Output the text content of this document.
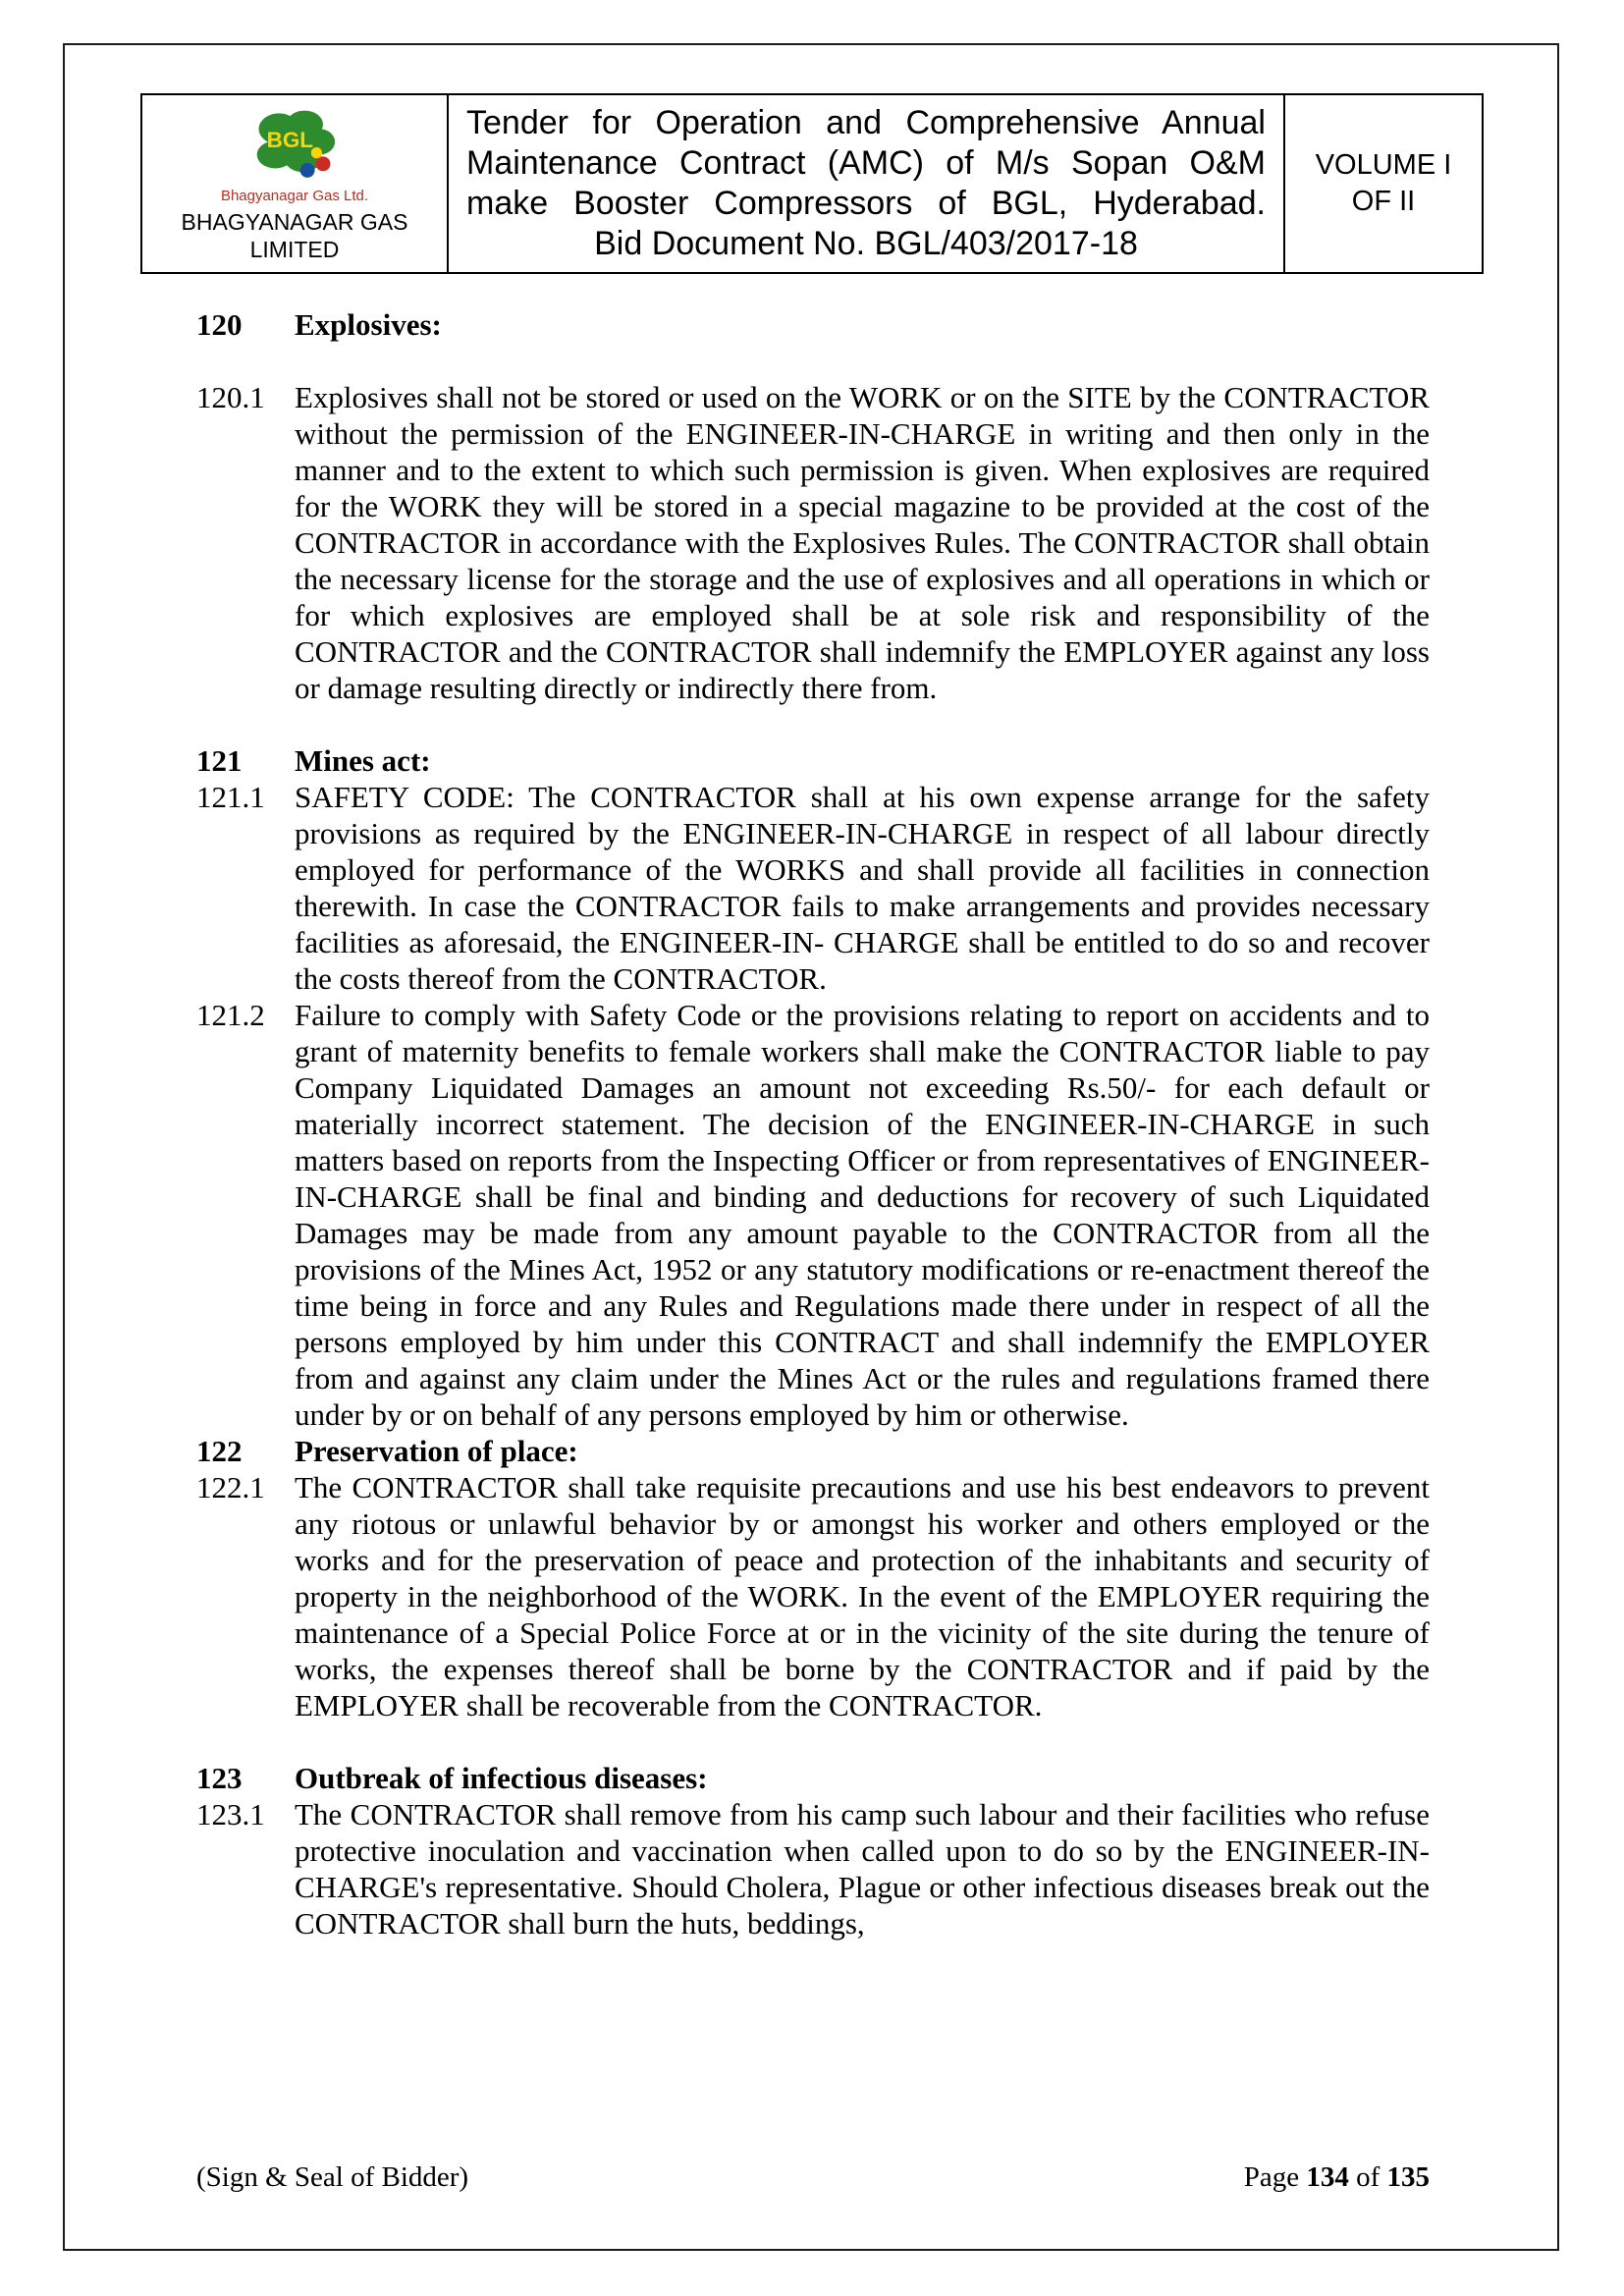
BGL
Bhagyanagar Gas Ltd.
BHAGYANAGAR GAS
LIMITED

Tender for Operation and Comprehensive Annual Maintenance Contract (AMC) of M/s Sopan O&M make Booster Compressors of BGL, Hyderabad.
Bid Document No. BGL/403/2017-18

VOLUME I
OF II
120 Explosives:
120.1 Explosives shall not be stored or used on the WORK or on the SITE by the CONTRACTOR without the permission of the ENGINEER-IN-CHARGE in writing and then only in the manner and to the extent to which such permission is given. When explosives are required for the WORK they will be stored in a special magazine to be provided at the cost of the CONTRACTOR in accordance with the Explosives Rules. The CONTRACTOR shall obtain the necessary license for the storage and the use of explosives and all operations in which or for which explosives are employed shall be at sole risk and responsibility of the CONTRACTOR and the CONTRACTOR shall indemnify the EMPLOYER against any loss or damage resulting directly or indirectly there from.
121 Mines act:
121.1 SAFETY CODE: The CONTRACTOR shall at his own expense arrange for the safety provisions as required by the ENGINEER-IN-CHARGE in respect of all labour directly employed for performance of the WORKS and shall provide all facilities in connection therewith. In case the CONTRACTOR fails to make arrangements and provides necessary facilities as aforesaid, the ENGINEER-IN- CHARGE shall be entitled to do so and recover the costs thereof from the CONTRACTOR.
121.2 Failure to comply with Safety Code or the provisions relating to report on accidents and to grant of maternity benefits to female workers shall make the CONTRACTOR liable to pay Company Liquidated Damages an amount not exceeding Rs.50/- for each default or materially incorrect statement. The decision of the ENGINEER-IN-CHARGE in such matters based on reports from the Inspecting Officer or from representatives of ENGINEER-IN-CHARGE shall be final and binding and deductions for recovery of such Liquidated Damages may be made from any amount payable to the CONTRACTOR from all the provisions of the Mines Act, 1952 or any statutory modifications or re-enactment thereof the time being in force and any Rules and Regulations made there under in respect of all the persons employed by him under this CONTRACT and shall indemnify the EMPLOYER from and against any claim under the Mines Act or the rules and regulations framed there under by or on behalf of any persons employed by him or otherwise.
122 Preservation of place:
122.1 The CONTRACTOR shall take requisite precautions and use his best endeavors to prevent any riotous or unlawful behavior by or amongst his worker and others employed or the works and for the preservation of peace and protection of the inhabitants and security of property in the neighborhood of the WORK. In the event of the EMPLOYER requiring the maintenance of a Special Police Force at or in the vicinity of the site during the tenure of works, the expenses thereof shall be borne by the CONTRACTOR and if paid by the EMPLOYER shall be recoverable from the CONTRACTOR.
123 Outbreak of infectious diseases:
123.1 The CONTRACTOR shall remove from his camp such labour and their facilities who refuse protective inoculation and vaccination when called upon to do so by the ENGINEER-IN-CHARGE's representative. Should Cholera, Plague or other infectious diseases break out the CONTRACTOR shall burn the huts, beddings,
(Sign & Seal of Bidder)	Page 134 of 135
